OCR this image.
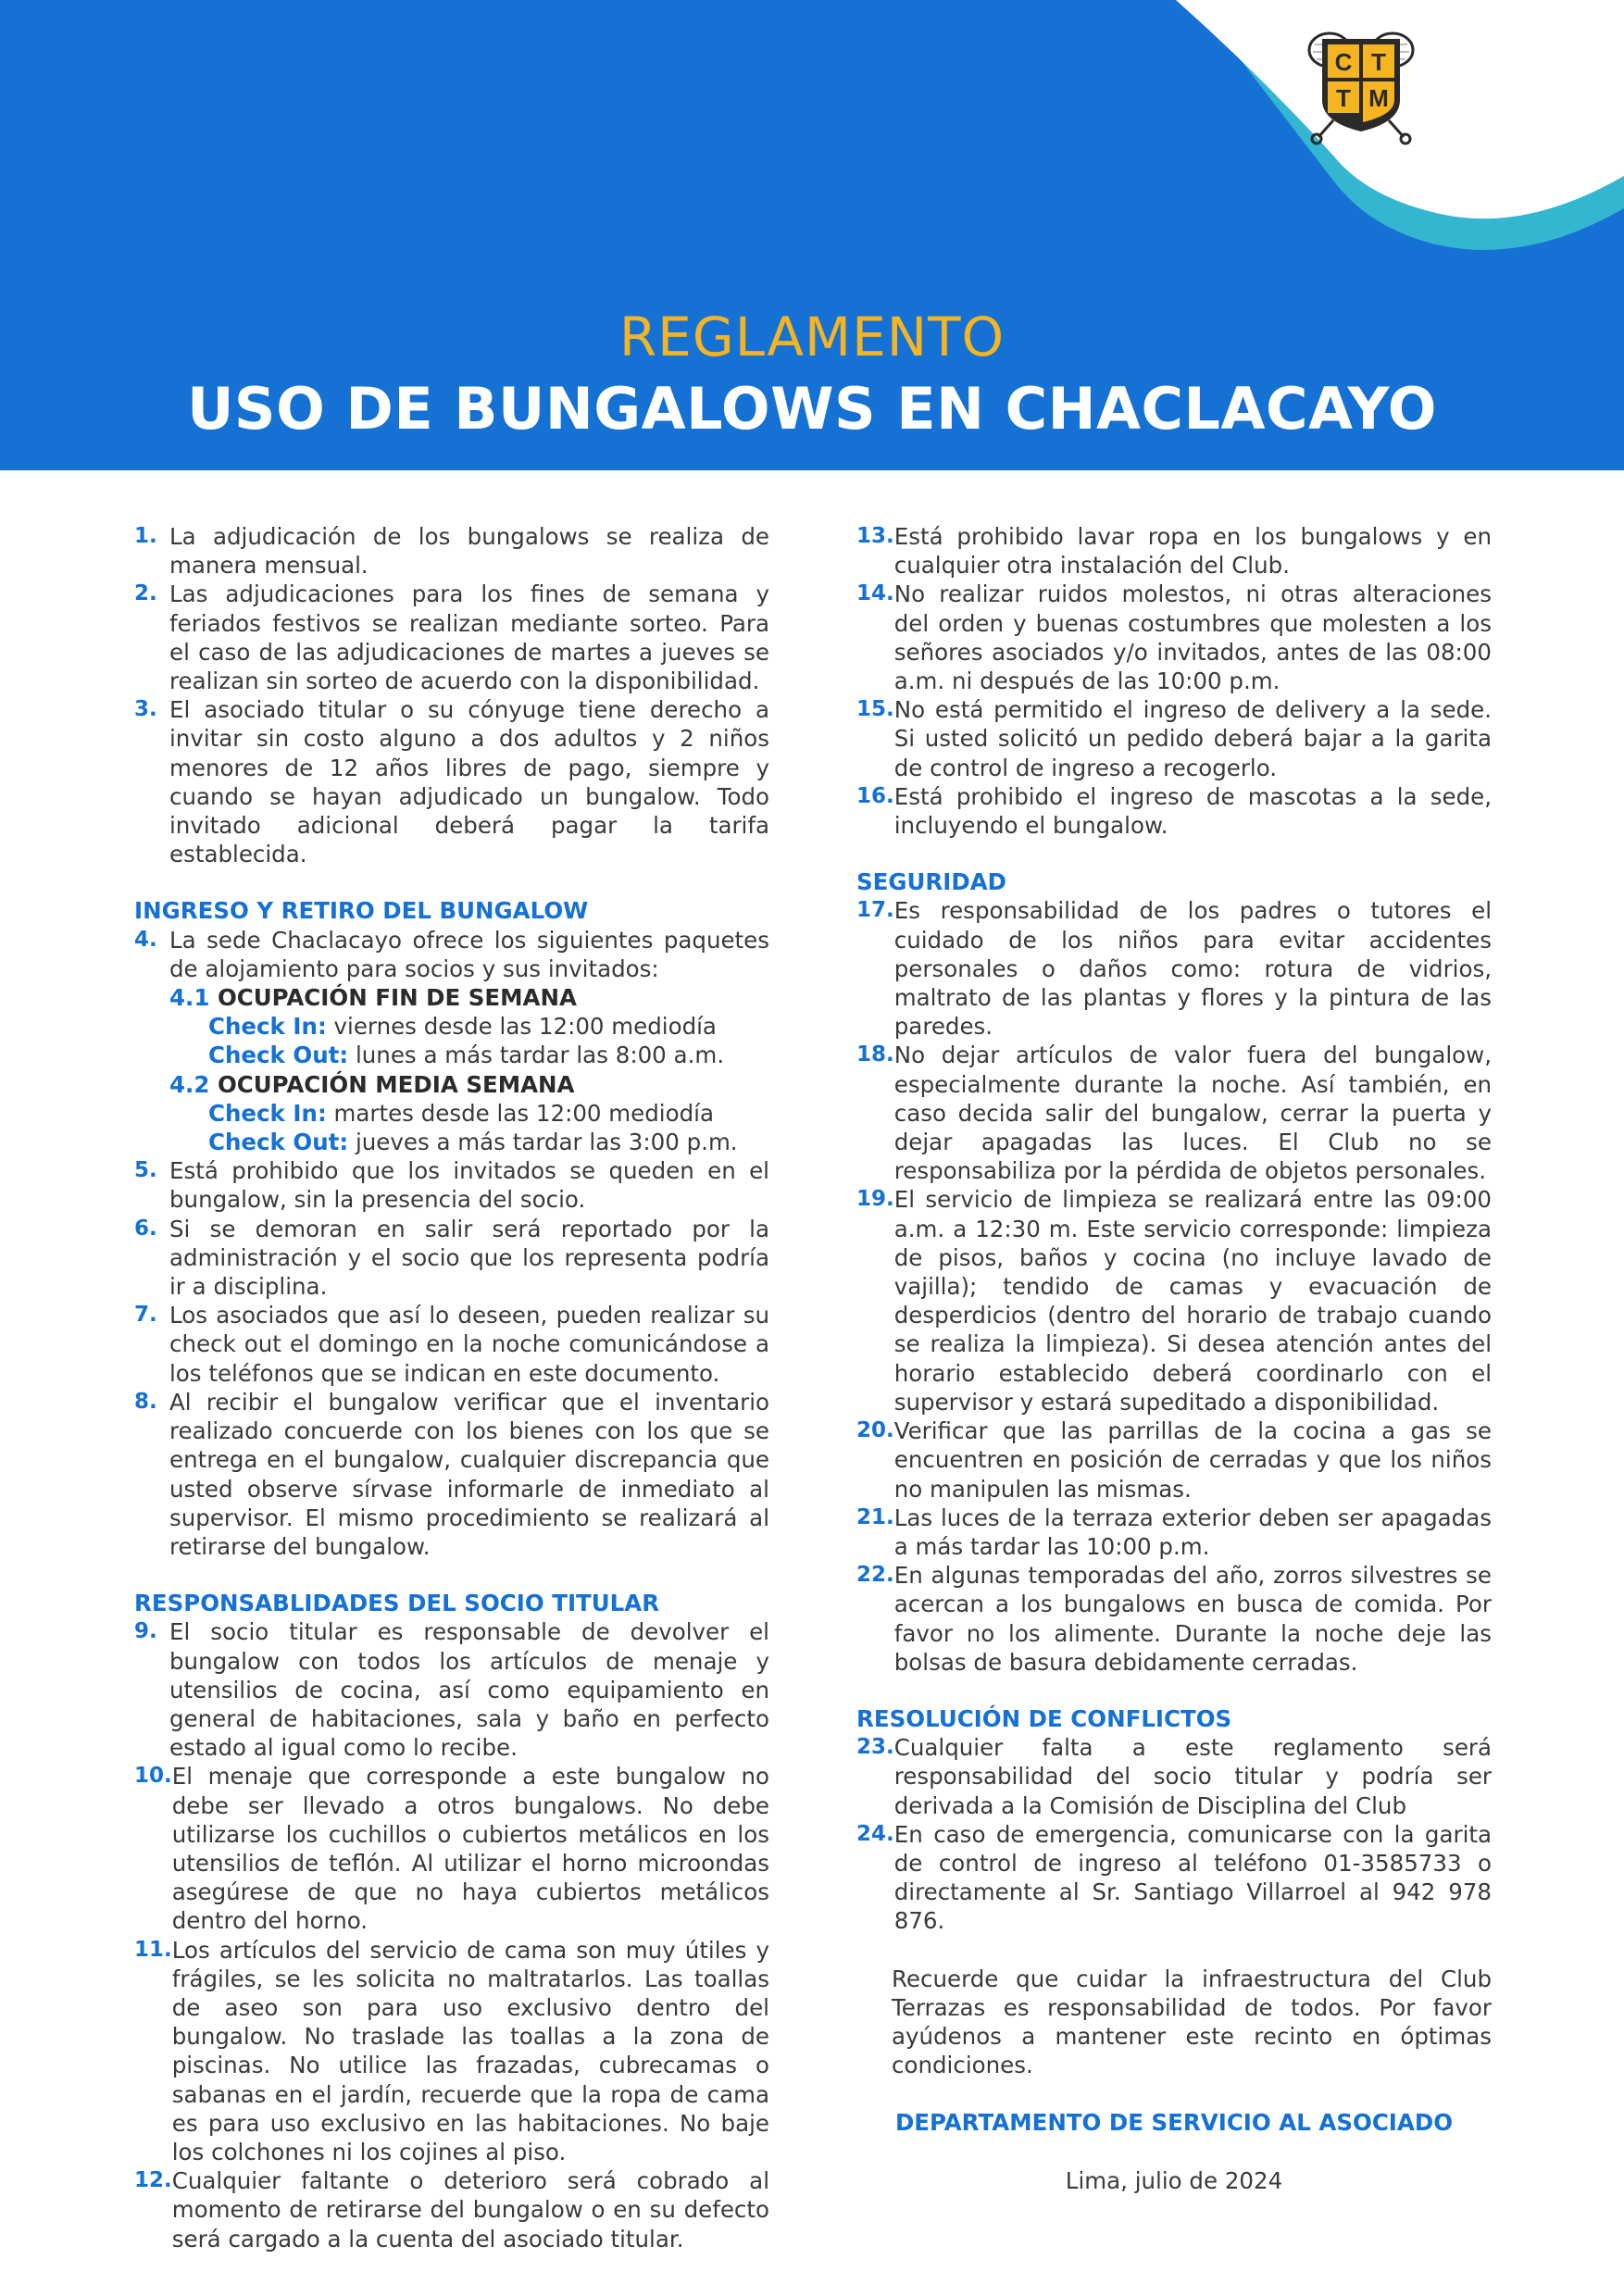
C T
T M
REGLAMENTO
USO DE BUNGALOWS EN CHACLACAYO
1. La adjudicación de los bungalows se realiza de manera mensual.
2. Las adjudicaciones para los fines de semana y feriados festivos se realizan mediante sorteo. Para el caso de las adjudicaciones de martes a jueves se realizan sin sorteo de acuerdo con la disponibilidad.
3. El asociado titular o su cónyuge tiene derecho a invitar sin costo alguno a dos adultos y 2 niños menores de 12 años libres de pago, siempre y cuando se hayan adjudicado un bungalow. Todo invitado adicional deberá pagar la tarifa establecida.
INGRESO Y RETIRO DEL BUNGALOW
4. La sede Chaclacayo ofrece los siguientes paquetes de alojamiento para socios y sus invitados:
4.1 OCUPACIÓN FIN DE SEMANA
Check In: viernes desde las 12:00 mediodía
Check Out: lunes a más tardar las 8:00 a.m.
4.2 OCUPACIÓN MEDIA SEMANA
Check In: martes desde las 12:00 mediodía
Check Out: jueves a más tardar las 3:00 p.m.
5. Está prohibido que los invitados se queden en el bungalow, sin la presencia del socio.
6. Si se demoran en salir será reportado por la administración y el socio que los representa podría ir a disciplina.
7. Los asociados que así lo deseen, pueden realizar su check out el domingo en la noche comunicándose a los teléfonos que se indican en este documento.
8. Al recibir el bungalow verificar que el inventario realizado concuerde con los bienes con los que se entrega en el bungalow, cualquier discrepancia que usted observe sírvase informarle de inmediato al supervisor. El mismo procedimiento se realizará al retirarse del bungalow.
RESPONSABLIDADES DEL SOCIO TITULAR
9. El socio titular es responsable de devolver el bungalow con todos los artículos de menaje y utensilios de cocina, así como equipamiento en general de habitaciones, sala y baño en perfecto estado al igual como lo recibe.
10. El menaje que corresponde a este bungalow no debe ser llevado a otros bungalows. No debe utilizarse los cuchillos o cubiertos metálicos en los utensilios de teflón. Al utilizar el horno microondas asegúrese de que no haya cubiertos metálicos dentro del horno.
11. Los artículos del servicio de cama son muy útiles y frágiles, se les solicita no maltratarlos. Las toallas de aseo son para uso exclusivo dentro del bungalow. No traslade las toallas a la zona de piscinas. No utilice las frazadas, cubrecamas o sabanas en el jardín, recuerde que la ropa de cama es para uso exclusivo en las habitaciones. No baje los colchones ni los cojines al piso.
12. Cualquier faltante o deterioro será cobrado al momento de retirarse del bungalow o en su defecto será cargado a la cuenta del asociado titular.
13. Está prohibido lavar ropa en los bungalows y en cualquier otra instalación del Club.
14. No realizar ruidos molestos, ni otras alteraciones del orden y buenas costumbres que molesten a los señores asociados y/o invitados, antes de las 08:00 a.m. ni después de las 10:00 p.m.
15. No está permitido el ingreso de delivery a la sede. Si usted solicitó un pedido deberá bajar a la garita de control de ingreso a recogerlo.
16. Está prohibido el ingreso de mascotas a la sede, incluyendo el bungalow.
SEGURIDAD
17. Es responsabilidad de los padres o tutores el cuidado de los niños para evitar accidentes personales o daños como: rotura de vidrios, maltrato de las plantas y flores y la pintura de las paredes.
18. No dejar artículos de valor fuera del bungalow, especialmente durante la noche. Así también, en caso decida salir del bungalow, cerrar la puerta y dejar apagadas las luces. El Club no se responsabiliza por la pérdida de objetos personales.
19. El servicio de limpieza se realizará entre las 09:00 a.m. a 12:30 m. Este servicio corresponde: limpieza de pisos, baños y cocina (no incluye lavado de vajilla); tendido de camas y evacuación de desperdicios (dentro del horario de trabajo cuando se realiza la limpieza). Si desea atención antes del horario establecido deberá coordinarlo con el supervisor y estará supeditado a disponibilidad.
20. Verificar que las parrillas de la cocina a gas se encuentren en posición de cerradas y que los niños no manipulen las mismas.
21. Las luces de la terraza exterior deben ser apagadas a más tardar las 10:00 p.m.
22. En algunas temporadas del año, zorros silvestres se acercan a los bungalows en busca de comida. Por favor no los alimente. Durante la noche deje las bolsas de basura debidamente cerradas.
RESOLUCIÓN DE CONFLICTOS
23. Cualquier falta a este reglamento será responsabilidad del socio titular y podría ser derivada a la Comisión de Disciplina del Club
24. En caso de emergencia, comunicarse con la garita de control de ingreso al teléfono 01-3585733 o directamente al Sr. Santiago Villarroel al 942 978 876.
Recuerde que cuidar la infraestructura del Club Terrazas es responsabilidad de todos. Por favor ayúdenos a mantener este recinto en óptimas condiciones.
DEPARTAMENTO DE SERVICIO AL ASOCIADO
Lima, julio de 2024
